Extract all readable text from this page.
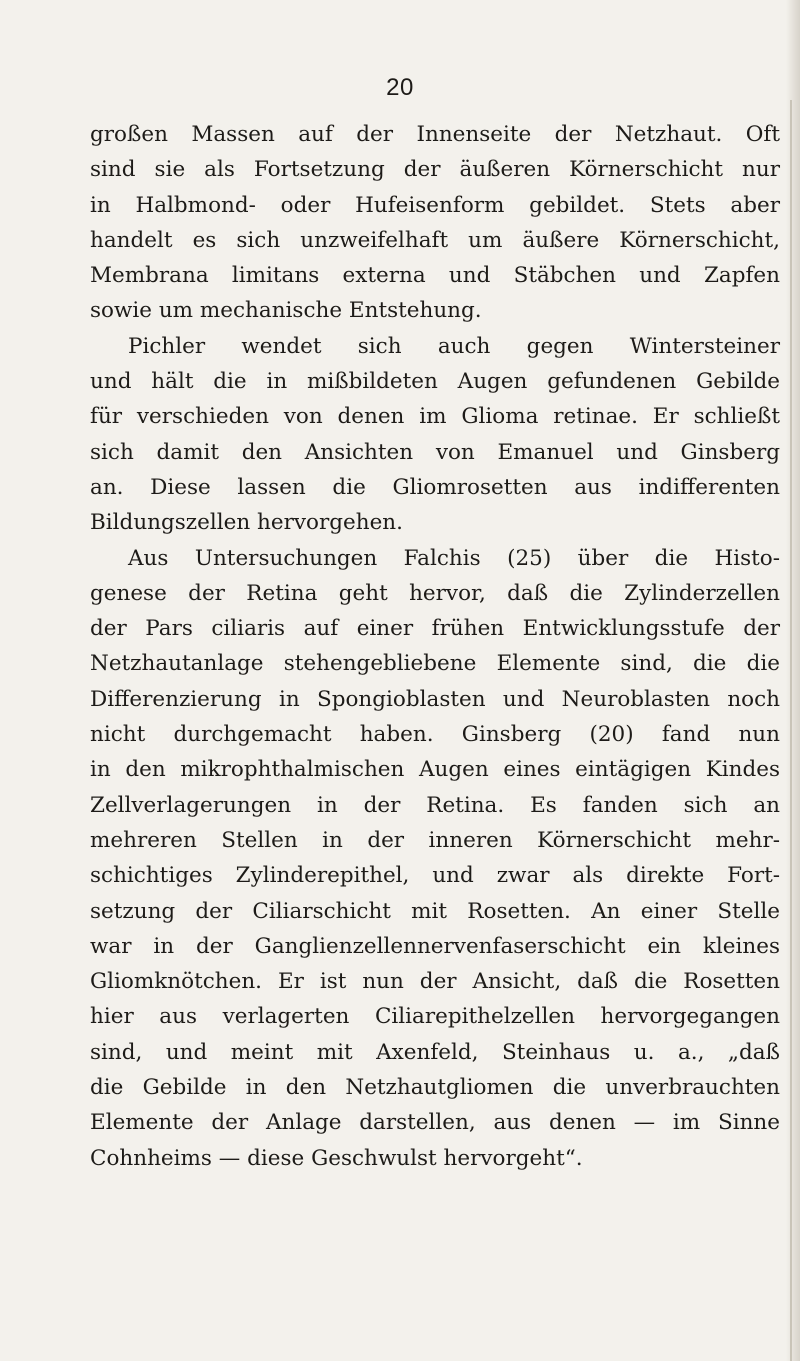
20
großen Massen auf der Innenseite der Netzhaut. Oft
sind sie als Fortsetzung der äußeren Körnerschicht nur
in Halbmond- oder Hufeisenform gebildet. Stets aber
handelt es sich unzweifelhaft um äußere Körnerschicht,
Membrana limitans externa und Stäbchen und Zapfen
sowie um mechanische Entstehung.
Pichler wendet sich auch gegen Wintersteiner
und hält die in mißbildeten Augen gefundenen Gebilde
für verschieden von denen im Glioma retinae. Er schließt
sich damit den Ansichten von Emanuel und Ginsberg
an. Diese lassen die Gliomrosetten aus indifferenten
Bildungszellen hervorgehen.
Aus Untersuchungen Falchis (25) über die Histo-
genese der Retina geht hervor, daß die Zylinderzellen
der Pars ciliaris auf einer frühen Entwicklungsstufe der
Netzhautanlage stehengebliebene Elemente sind, die die
Differenzierung in Spongioblasten und Neuroblasten noch
nicht durchgemacht haben. Ginsberg (20) fand nun
in den mikrophthalmischen Augen eines eintägigen Kindes
Zellverlagerungen in der Retina. Es fanden sich an
mehreren Stellen in der inneren Körnerschicht mehr-
schichtiges Zylinderepithel, und zwar als direkte Fort-
setzung der Ciliarschicht mit Rosetten. An einer Stelle
war in der Ganglienzellennervenfaserschicht ein kleines
Gliomknötchen. Er ist nun der Ansicht, daß die Rosetten
hier aus verlagerten Ciliarepithelzellen hervorgegangen
sind, und meint mit Axenfeld, Steinhaus u. a., „daß
die Gebilde in den Netzhautgliomen die unverbrauchten
Elemente der Anlage darstellen, aus denen — im Sinne
Cohnheims — diese Geschwulst hervorgeht“.
